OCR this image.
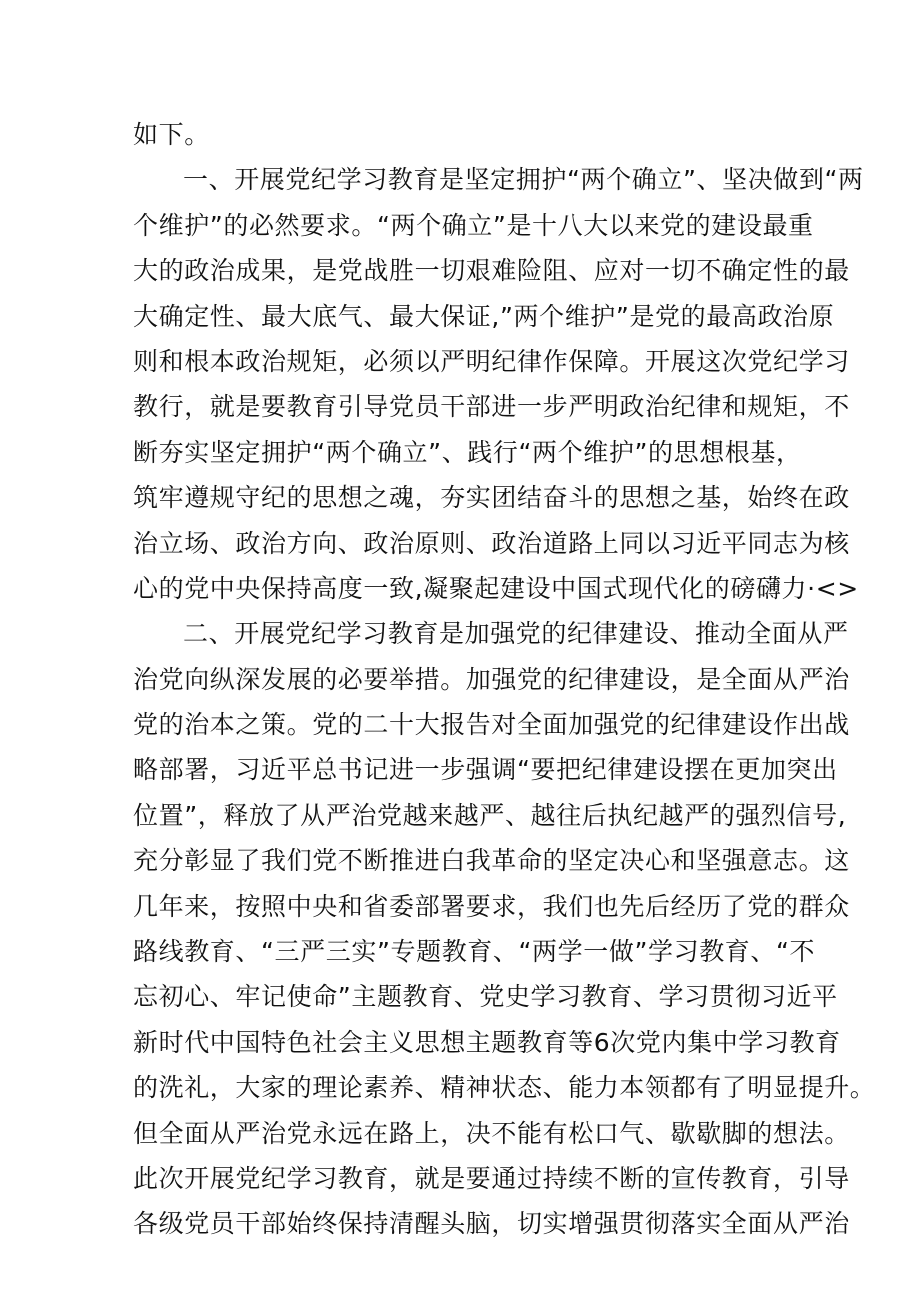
如下。
一、开展党纪学习教育是坚定拥护“两个确立”、坚决做到“两
个维护”的必然要求。“两个确立”是十八大以来党的建设最重
大的政治成果，是党战胜一切艰难险阻、应对一切不确定性的最
大确定性、最大底气、最大保证,”两个维护”是党的最高政治原
则和根本政治规矩，必须以严明纪律作保障。开展这次党纪学习
教行，就是要教育引导党员干部进一步严明政治纪律和规矩，不
断夯实坚定拥护“两个确立”、践行“两个维护”的思想根基，
筑牢遵规守纪的思想之魂，夯实团结奋斗的思想之基，始终在政
治立场、政治方向、政治原则、政治道路上同以习近平同志为核
心的党中央保持高度一致,凝聚起建设中国式现代化的磅礴力·<>
二、开展党纪学习教育是加强党的纪律建设、推动全面从严
治党向纵深发展的必要举措。加强党的纪律建设，是全面从严治
党的治本之策。党的二十大报告对全面加强党的纪律建设作出战
略部署，习近平总书记进一步强调“要把纪律建设摆在更加突出
位置”，释放了从严治党越来越严、越往后执纪越严的强烈信号,
充分彰显了我们党不断推进白我革命的坚定决心和坚强意志。这
几年来，按照中央和省委部署要求，我们也先后经历了党的群众
路线教育、“三严三实”专题教育、“两学一做”学习教育、“不
忘初心、牢记使命”主题教育、党史学习教育、学习贯彻习近平
新时代中国特色社会主义思想主题教育等6次党内集中学习教育
的洗礼，大家的理论素养、精神状态、能力本领都有了明显提升。
但全面从严治党永远在路上，决不能有松口气、歇歇脚的想法。
此次开展党纪学习教育，就是要通过持续不断的宣传教育，引导
各级党员干部始终保持清醒头脑，切实增强贯彻落实全面从严治
